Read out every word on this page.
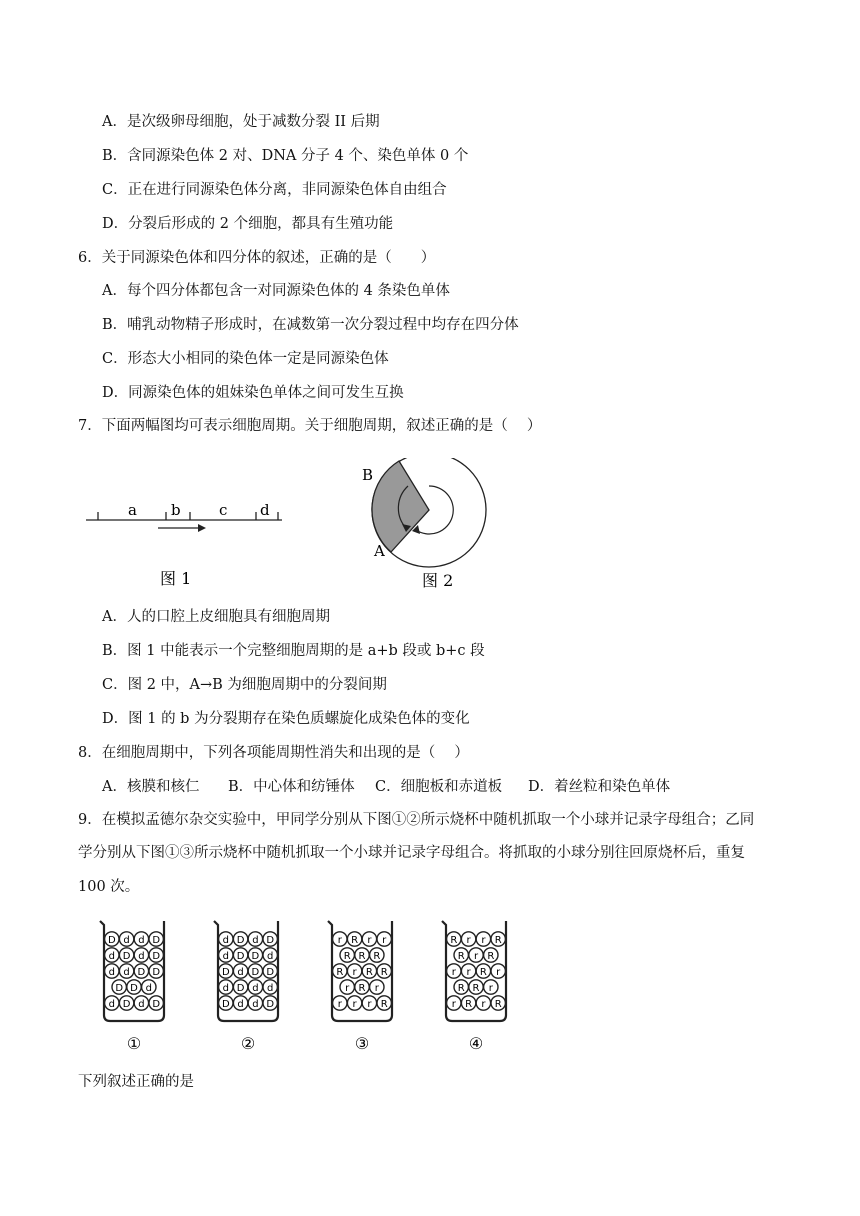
A．是次级卵母细胞，处于减数分裂 II 后期
B．含同源染色体 2 对、DNA 分子 4 个、染色单体 0 个
C．正在进行同源染色体分离，非同源染色体自由组合
D．分裂后形成的 2 个细胞，都具有生殖功能
6．关于同源染色体和四分体的叙述，正确的是（　　）
A．每个四分体都包含一对同源染色体的 4 条染色单体
B．哺乳动物精子形成时，在减数第一次分裂过程中均存在四分体
C．形态大小相同的染色体一定是同源染色体
D．同源染色体的姐妹染色单体之间可发生互换
7．下面两幅图均可表示细胞周期。关于细胞周期，叙述正确的是（　 ）
a b	c d
图 1
B
A
图 2
A．人的口腔上皮细胞具有细胞周期
B．图 1 中能表示一个完整细胞周期的是 a+b 段或 b+c 段
C．图 2 中，A→B 为细胞周期中的分裂间期
D．图 1 的 b 为分裂期存在染色质螺旋化成染色体的变化
8．在细胞周期中，下列各项能周期性消失和出现的是（　 ）
A．核膜和核仁 B．中心体和纺锤体 C．细胞板和赤道板 D．着丝粒和染色单体
9．在模拟孟德尔杂交实验中，甲同学分别从下图①②所示烧杯中随机抓取一个小球并记录字母组合；乙同
学分别从下图①③所示烧杯中随机抓取一个小球并记录字母组合。将抓取的小球分别往回原烧杯后，重复
100 次。
D d d D
d D d D
d d D D
D D d
d D d D
①
d D d D
d D D d
D d D D
d D d d
D d d D
②
r R r r
R R R
R r R R
r R r
r r r R
③
R r r R
R r R
r r R r
R R r
r R r R
④
下列叙述正确的是
